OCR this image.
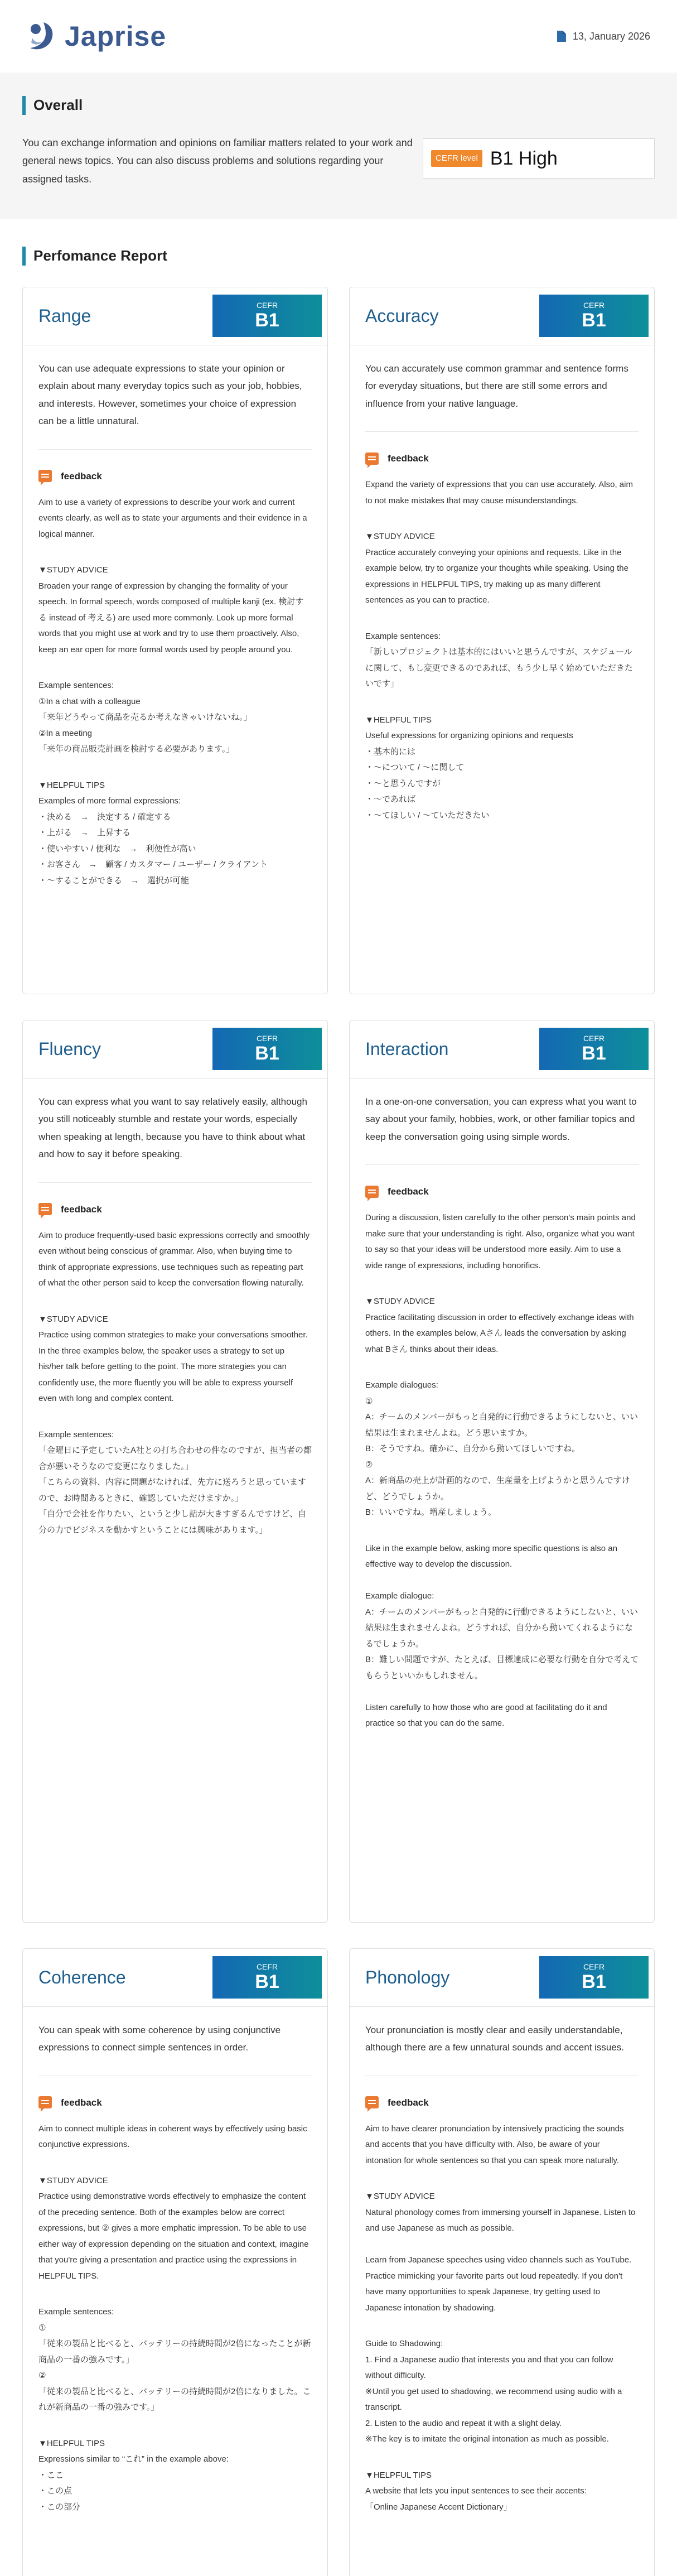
Japrise	13, January 2026
Overall
You can exchange information and opinions on familiar matters related to your work and general news topics. You can also discuss problems and solutions regarding your assigned tasks.
CEFR level B1 High
Perfomance Report
Range
CEFR
B1
You can use adequate expressions to state your opinion or explain about many everyday topics such as your job, hobbies, and interests. However, sometimes your choice of expression can be a little unnatural.
feedback
Aim to use a variety of expressions to describe your work and current events clearly, as well as to state your arguments and their evidence in a logical manner.
▼STUDY ADVICE
Broaden your range of expression by changing the formality of your speech. In formal speech, words composed of multiple kanji (ex. 検討する instead of 考える) are used more commonly. Look up more formal words that you might use at work and try to use them proactively. Also, keep an ear open for more formal words used by people around you.
Example sentences:
①In a chat with a colleague
「来年どうやって商品を売るか考えなきゃいけないね。」
②In a meeting
「来年の商品販売計画を検討する必要があります。」
▼HELPFUL TIPS
Examples of more formal expressions:
・決める　→　決定する / 確定する
・上がる　→　上昇する
・使いやすい / 便利な　→　利便性が高い
・お客さん　→　顧客 / カスタマー / ユーザー / クライアント
・～することができる　→　選択が可能
Accuracy
CEFR
B1
You can accurately use common grammar and sentence forms for everyday situations, but there are still some errors and influence from your native language.
feedback
Expand the variety of expressions that you can use accurately. Also, aim to not make mistakes that may cause misunderstandings.
▼STUDY ADVICE
Practice accurately conveying your opinions and requests. Like in the example below, try to organize your thoughts while speaking. Using the expressions in HELPFUL TIPS, try making up as many different sentences as you can to practice.
Example sentences:
「新しいプロジェクトは基本的にはいいと思うんですが、スケジュールに関して、もし変更できるのであれば、もう少し早く始めていただきたいです」
▼HELPFUL TIPS
Useful expressions for organizing opinions and requests
・基本的には
・～について / ～に関して
・～と思うんですが
・～であれば
・～てほしい / ～ていただきたい
Fluency
CEFR
B1
You can express what you want to say relatively easily, although you still noticeably stumble and restate your words, especially when speaking at length, because you have to think about what and how to say it before speaking.
feedback
Aim to produce frequently-used basic expressions correctly and smoothly even without being conscious of grammar. Also, when buying time to think of appropriate expressions, use techniques such as repeating part of what the other person said to keep the conversation flowing naturally.
▼STUDY ADVICE
Practice using common strategies to make your conversations smoother. In the three examples below, the speaker uses a strategy to set up his/her talk before getting to the point. The more strategies you can confidently use, the more fluently you will be able to express yourself even with long and complex content.
Example sentences:
「金曜日に予定していたA社との打ち合わせの件なのですが、担当者の都合が悪いそうなので変更になりました。」
「こちらの資料、内容に問題がなければ、先方に送ろうと思っていますので、お時間あるときに、確認していただけますか。」
「自分で会社を作りたい、というと少し話が大きすぎるんですけど、自分の力でビジネスを動かすということには興味があります。」
Interaction
CEFR
B1
In a one-on-one conversation, you can express what you want to say about your family, hobbies, work, or other familiar topics and keep the conversation going using simple words.
feedback
During a discussion, listen carefully to the other person's main points and make sure that your understanding is right. Also, organize what you want to say so that your ideas will be understood more easily. Aim to use a wide range of expressions, including honorifics.
▼STUDY ADVICE
Practice facilitating discussion in order to effectively exchange ideas with others. In the examples below, Aさん leads the conversation by asking what Bさん thinks about their ideas.
Example dialogues:
①
A：チームのメンバーがもっと自発的に行動できるようにしないと、いい結果は生まれませんよね。どう思いますか。
B：そうですね。確かに、自分から動いてほしいですね。
②
A：新商品の売上が計画的なので、生産量を上げようかと思うんですけど、どうでしょうか。
B：いいですね。増産しましょう。
Like in the example below, asking more specific questions is also an effective way to develop the discussion.

Example dialogue:
A：チームのメンバーがもっと自発的に行動できるようにしないと、いい結果は生まれませんよね。どうすれば、自分から動いてくれるようになるでしょうか。
B：難しい問題ですが、たとえば、目標達成に必要な行動を自分で考えてもらうといいかもしれません。

Listen carefully to how those who are good at facilitating do it and practice so that you can do the same.
Coherence
CEFR
B1
You can speak with some coherence by using conjunctive expressions to connect simple sentences in order.
feedback
Aim to connect multiple ideas in coherent ways by effectively using basic conjunctive expressions.
▼STUDY ADVICE
Practice using demonstrative words effectively to emphasize the content of the preceding sentence. Both of the examples below are correct expressions, but ② gives a more emphatic impression. To be able to use either way of expression depending on the situation and context, imagine that you're giving a presentation and practice using the expressions in HELPFUL TIPS.
Example sentences:
①
「従来の製品と比べると、バッテリーの持続時間が2倍になったことが新商品の一番の強みです。」
②
「従来の製品と比べると、バッテリーの持続時間が2倍になりました。これが新商品の一番の強みです。」
▼HELPFUL TIPS
Expressions similar to “これ” in the example above:
・ここ
・この点
・この部分
Phonology
CEFR
B1
Your pronunciation is mostly clear and easily understandable, although there are a few unnatural sounds and accent issues.
feedback
Aim to have clearer pronunciation by intensively practicing the sounds and accents that you have difficulty with. Also, be aware of your intonation for whole sentences so that you can speak more naturally.
▼STUDY ADVICE
Natural phonology comes from immersing yourself in Japanese. Listen to and use Japanese as much as possible.

Learn from Japanese speeches using video channels such as YouTube. Practice mimicking your favorite parts out loud repeatedly. If you don't have many opportunities to speak Japanese, try getting used to Japanese intonation by shadowing.
Guide to Shadowing:
1. Find a Japanese audio that interests you and that you can follow without difficulty.
※Until you get used to shadowing, we recommend using audio with a transcript.
2. Listen to the audio and repeat it with a slight delay.
※The key is to imitate the original intonation as much as possible.
▼HELPFUL TIPS
A website that lets you input sentences to see their accents:
「Online Japanese Accent Dictionary」
